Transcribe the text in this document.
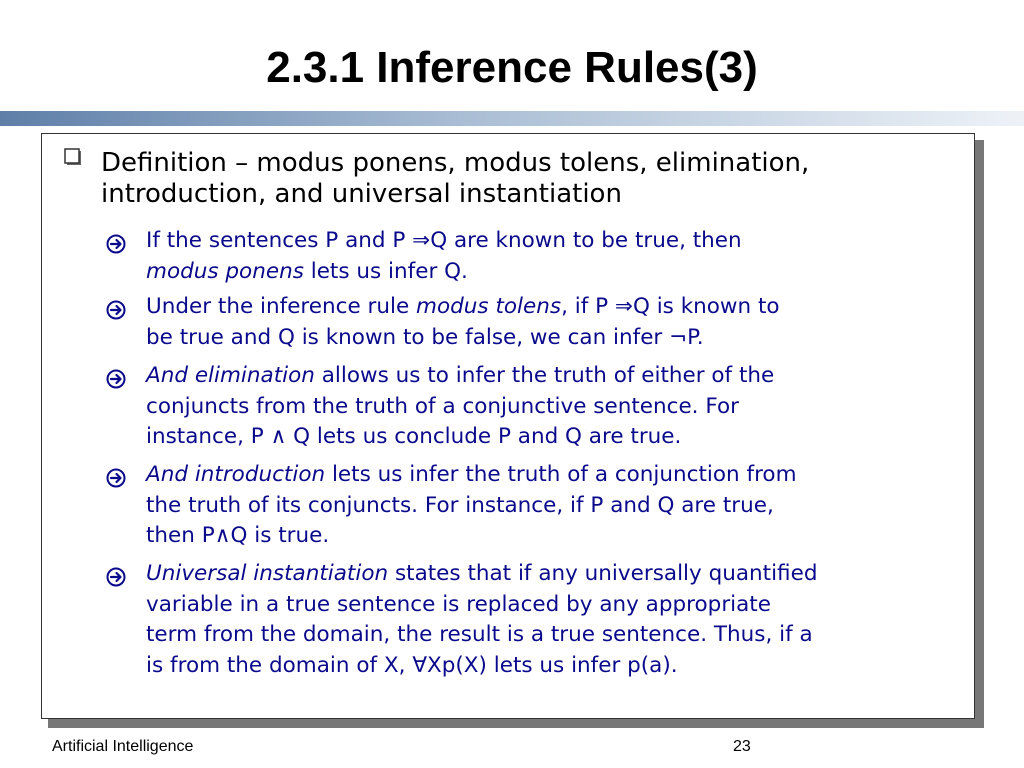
2.3.1 Inference Rules(3)
Definition – modus ponens, modus tolens, elimination, introduction, and universal instantiation
If the sentences P and P ⇒Q are known to be true, then
modus ponens lets us infer Q.
Under the inference rule modus tolens, if P ⇒Q is known to
be true and Q is known to be false, we can infer ¬P.
And elimination allows us to infer the truth of either of the
conjuncts from the truth of a conjunctive sentence. For
instance, P ∧ Q lets us conclude P and Q are true.
And introduction lets us infer the truth of a conjunction from
the truth of its conjuncts. For instance, if P and Q are true,
then P∧Q is true.
Universal instantiation states that if any universally quantified
variable in a true sentence is replaced by any appropriate
term from the domain, the result is a true sentence. Thus, if a
is from the domain of X, ∀Xp(X) lets us infer p(a).
Artificial Intelligence	23
